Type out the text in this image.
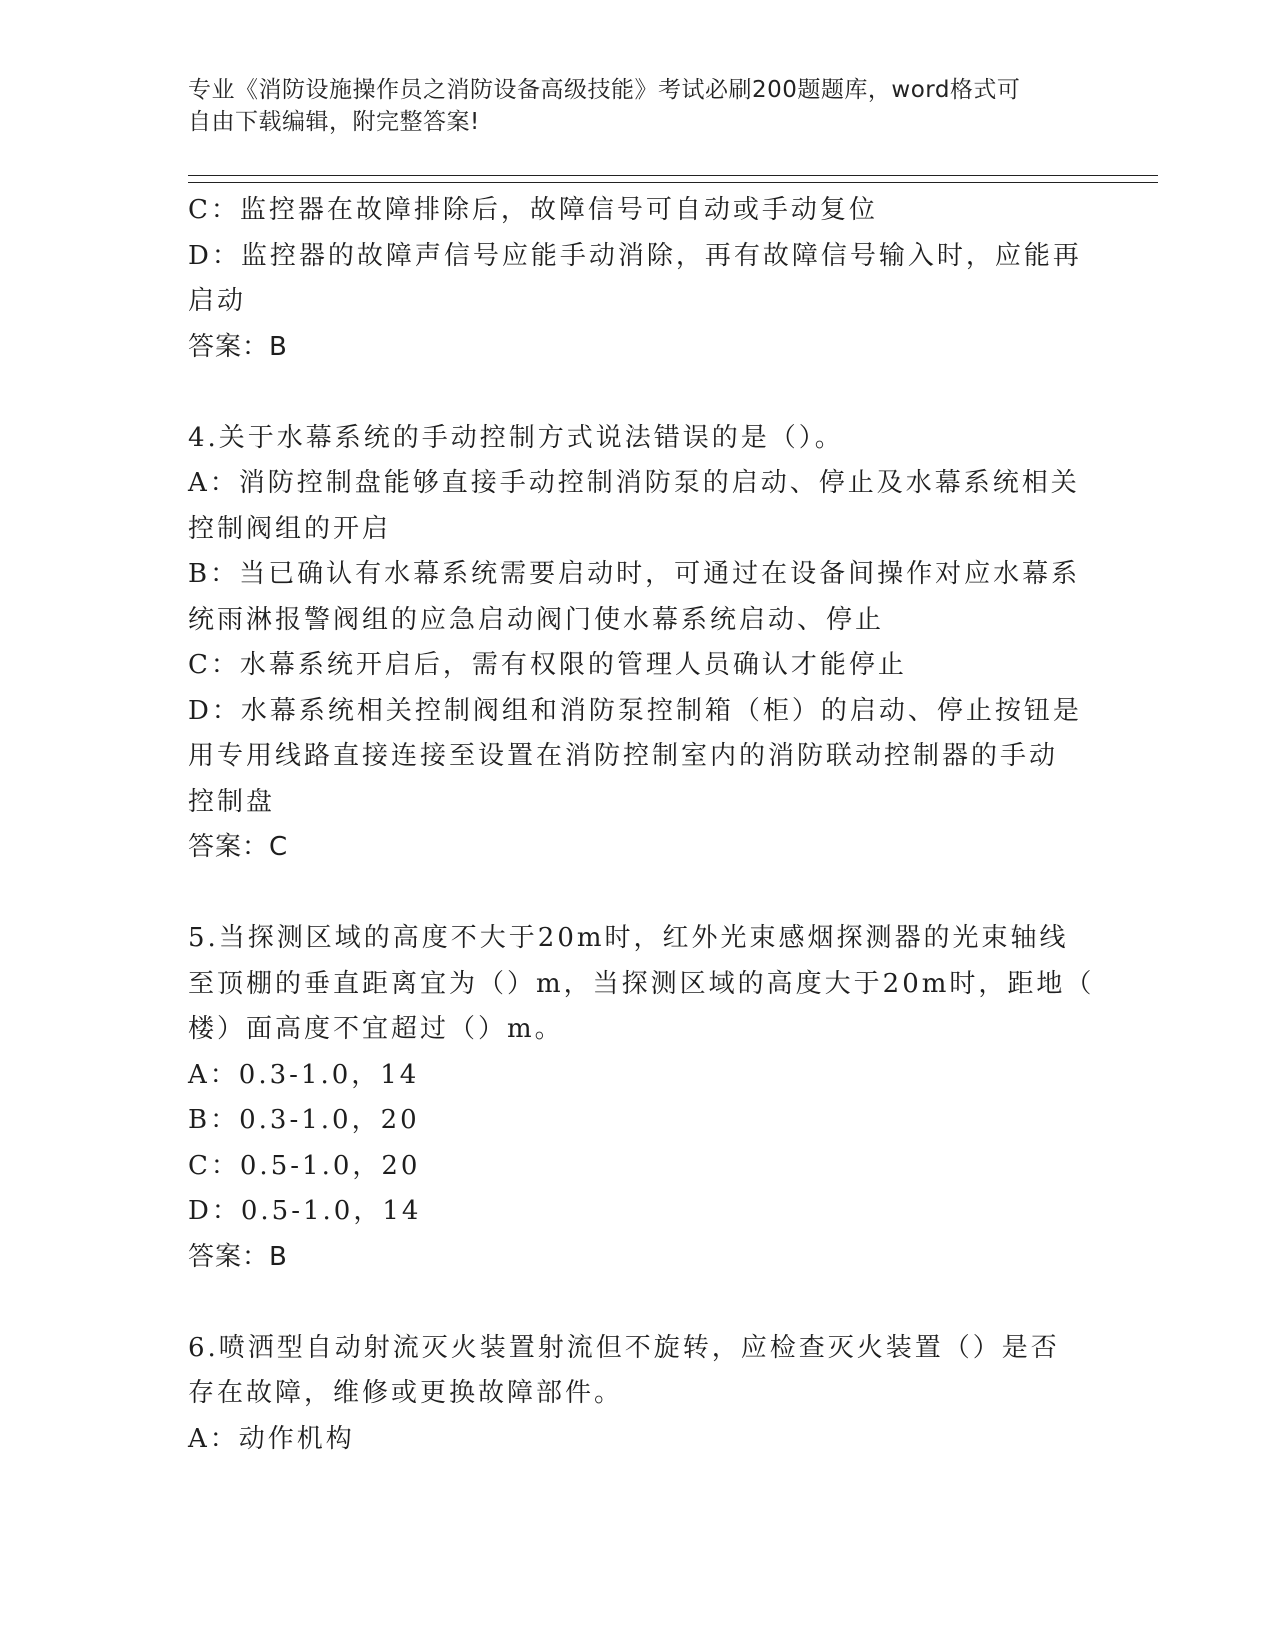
专业《消防设施操作员之消防设备高级技能》考试必刷200题题库，word格式可
自由下载编辑，附完整答案!
C：监控器在故障排除后，故障信号可自动或手动复位
D：监控器的故障声信号应能手动消除，再有故障信号输入时，应能再
启动
答案：B
4.关于水幕系统的手动控制方式说法错误的是（）。
A：消防控制盘能够直接手动控制消防泵的启动、停止及水幕系统相关
控制阀组的开启
B：当已确认有水幕系统需要启动时，可通过在设备间操作对应水幕系
统雨淋报警阀组的应急启动阀门使水幕系统启动、停止
C：水幕系统开启后，需有权限的管理人员确认才能停止
D：水幕系统相关控制阀组和消防泵控制箱（柜）的启动、停止按钮是
用专用线路直接连接至设置在消防控制室内的消防联动控制器的手动
控制盘
答案：C
5.当探测区域的高度不大于20m时，红外光束感烟探测器的光束轴线
至顶棚的垂直距离宜为（）m，当探测区域的高度大于20m时，距地（
楼）面高度不宜超过（）m。
A：0.3-1.0，14
B：0.3-1.0，20
C：0.5-1.0，20
D：0.5-1.0，14
答案：B
6.喷洒型自动射流灭火装置射流但不旋转，应检查灭火装置（）是否
存在故障，维修或更换故障部件。
A：动作机构
